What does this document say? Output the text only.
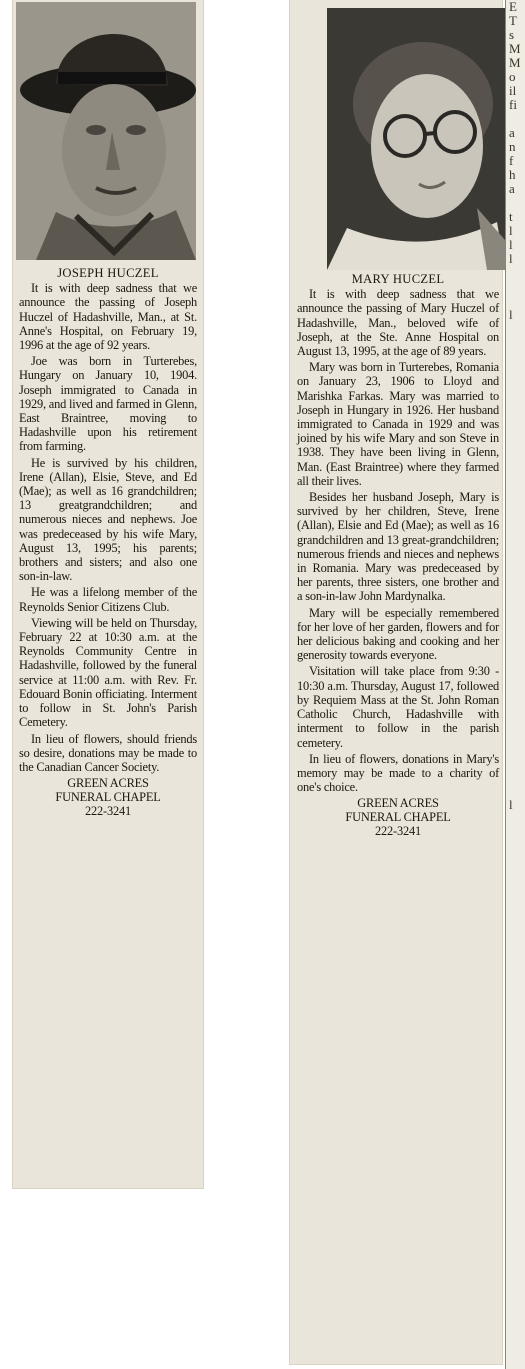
JOSEPH HUCZEL

It is with deep sadness that we announce the passing of Joseph Huczel of Hadashville, Man., at St. Anne's Hospital, on February 19, 1996 at the age of 92 years.

Joe was born in Turterebes, Hungary on January 10, 1904. Joseph immigrated to Canada in 1929, and lived and farmed in Glenn, East Braintree, moving to Hadashville upon his retirement from farming.

He is survived by his children, Irene (Allan), Elsie, Steve, and Ed (Mae); as well as 16 grandchildren; 13 greatgrandchildren; and numerous nieces and nephews. Joe was predeceased by his wife Mary, August 13, 1995; his parents; brothers and sisters; and also one son-in-law.

He was a lifelong member of the Reynolds Senior Citizens Club.

Viewing will be held on Thursday, February 22 at 10:30 a.m. at the Reynolds Community Centre in Hadashville, followed by the funeral service at 11:00 a.m. with Rev. Fr. Edouard Bonin officiating. Interment to follow in St. John's Parish Cemetery.

In lieu of flowers, should friends so desire, donations may be made to the Canadian Cancer Society.

GREEN ACRES
FUNERAL CHAPEL
222-3241
MARY HUCZEL

It is with deep sadness that we announce the passing of Mary Huczel of Hadashville, Man., beloved wife of Joseph, at the Ste. Anne Hospital on August 13, 1995, at the age of 89 years.

Mary was born in Turterebes, Romania on January 23, 1906 to Lloyd and Marishka Farkas. Mary was married to Joseph in Hungary in 1926. Her husband immigrated to Canada in 1929 and was joined by his wife Mary and son Steve in 1938. They have been living in Glenn, Man. (East Braintree) where they farmed all their lives.

Besides her husband Joseph, Mary is survived by her children, Steve, Irene (Allan), Elsie and Ed (Mae); as well as 16 grandchildren and 13 great-grandchildren; numerous friends and nieces and nephews in Romania. Mary was predeceased by her parents, three sisters, one brother and a son-in-law John Mardynalka.

Mary will be especially remembered for her love of her garden, flowers and for her delicious baking and cooking and her generosity towards everyone.

Visitation will take place from 9:30 - 10:30 a.m. Thursday, August 17, followed by Requiem Mass at the St. John Roman Catholic Church, Hadashville with interment to follow in the parish cemetery.

In lieu of flowers, donations in Mary's memory may be made to a charity of one's choice.

GREEN ACRES
FUNERAL CHAPEL
222-3241
E
T
s
M
M
o
il
fi
a
n
f
h
a
t
l
l
l
l
l
